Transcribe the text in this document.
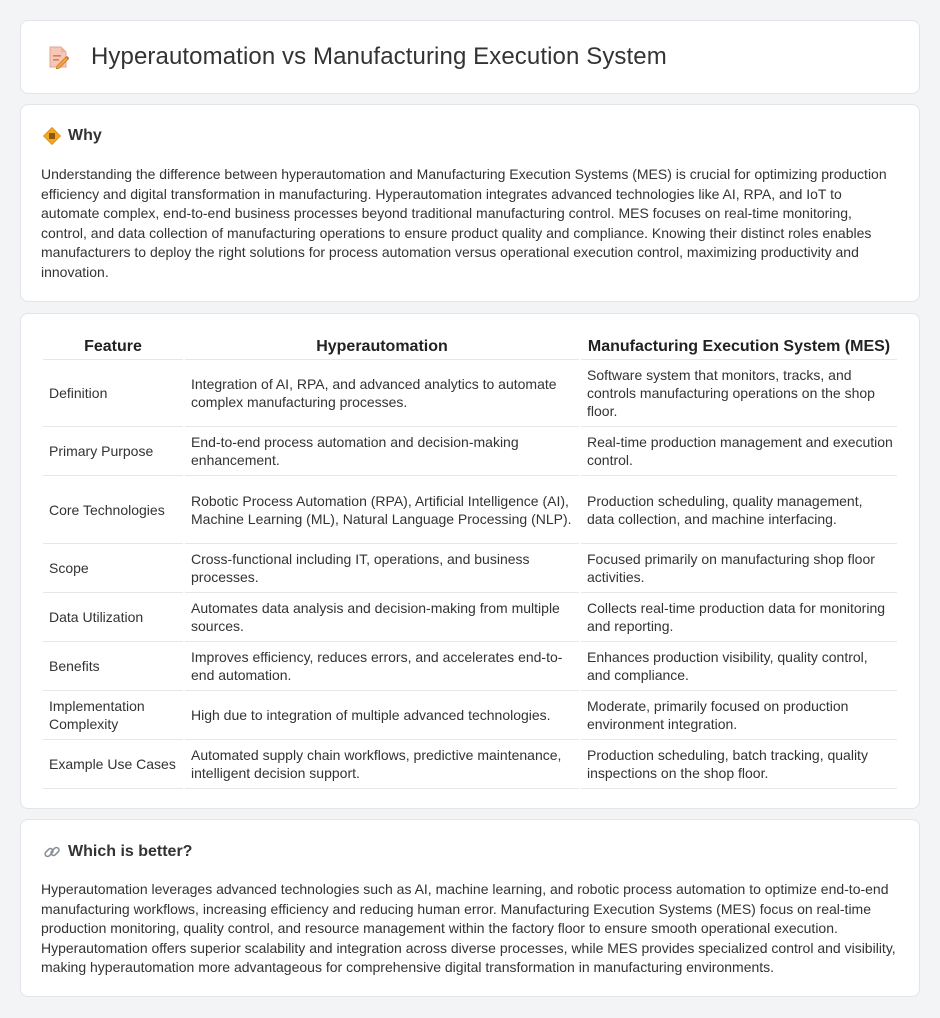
Hyperautomation vs Manufacturing Execution System
Why

Understanding the difference between hyperautomation and Manufacturing Execution Systems (MES) is crucial for optimizing production efficiency and digital transformation in manufacturing. Hyperautomation integrates advanced technologies like AI, RPA, and IoT to automate complex, end-to-end business processes beyond traditional manufacturing control. MES focuses on real-time monitoring, control, and data collection of manufacturing operations to ensure product quality and compliance. Knowing their distinct roles enables manufacturers to deploy the right solutions for process automation versus operational execution control, maximizing productivity and innovation.

Feature	Hyperautomation	Manufacturing Execution System (MES)
Definition	Integration of AI, RPA, and advanced analytics to automate complex manufacturing processes.	Software system that monitors, tracks, and controls manufacturing operations on the shop floor.
Primary Purpose	End-to-end process automation and decision-making enhancement.	Real-time production management and execution control.
Core Technologies	Robotic Process Automation (RPA), Artificial Intelligence (AI), Machine Learning (ML), Natural Language Processing (NLP).	Production scheduling, quality management, data collection, and machine interfacing.
Scope	Cross-functional including IT, operations, and business processes.	Focused primarily on manufacturing shop floor activities.
Data Utilization	Automates data analysis and decision-making from multiple sources.	Collects real-time production data for monitoring and reporting.
Benefits	Improves efficiency, reduces errors, and accelerates end-to-end automation.	Enhances production visibility, quality control, and compliance.
Implementation Complexity	High due to integration of multiple advanced technologies.	Moderate, primarily focused on production environment integration.
Example Use Cases	Automated supply chain workflows, predictive maintenance, intelligent decision support.	Production scheduling, batch tracking, quality inspections on the shop floor.
Which is better?

Hyperautomation leverages advanced technologies such as AI, machine learning, and robotic process automation to optimize end-to-end manufacturing workflows, increasing efficiency and reducing human error. Manufacturing Execution Systems (MES) focus on real-time production monitoring, quality control, and resource management within the factory floor to ensure smooth operational execution. Hyperautomation offers superior scalability and integration across diverse processes, while MES provides specialized control and visibility, making hyperautomation more advantageous for comprehensive digital transformation in manufacturing environments.
